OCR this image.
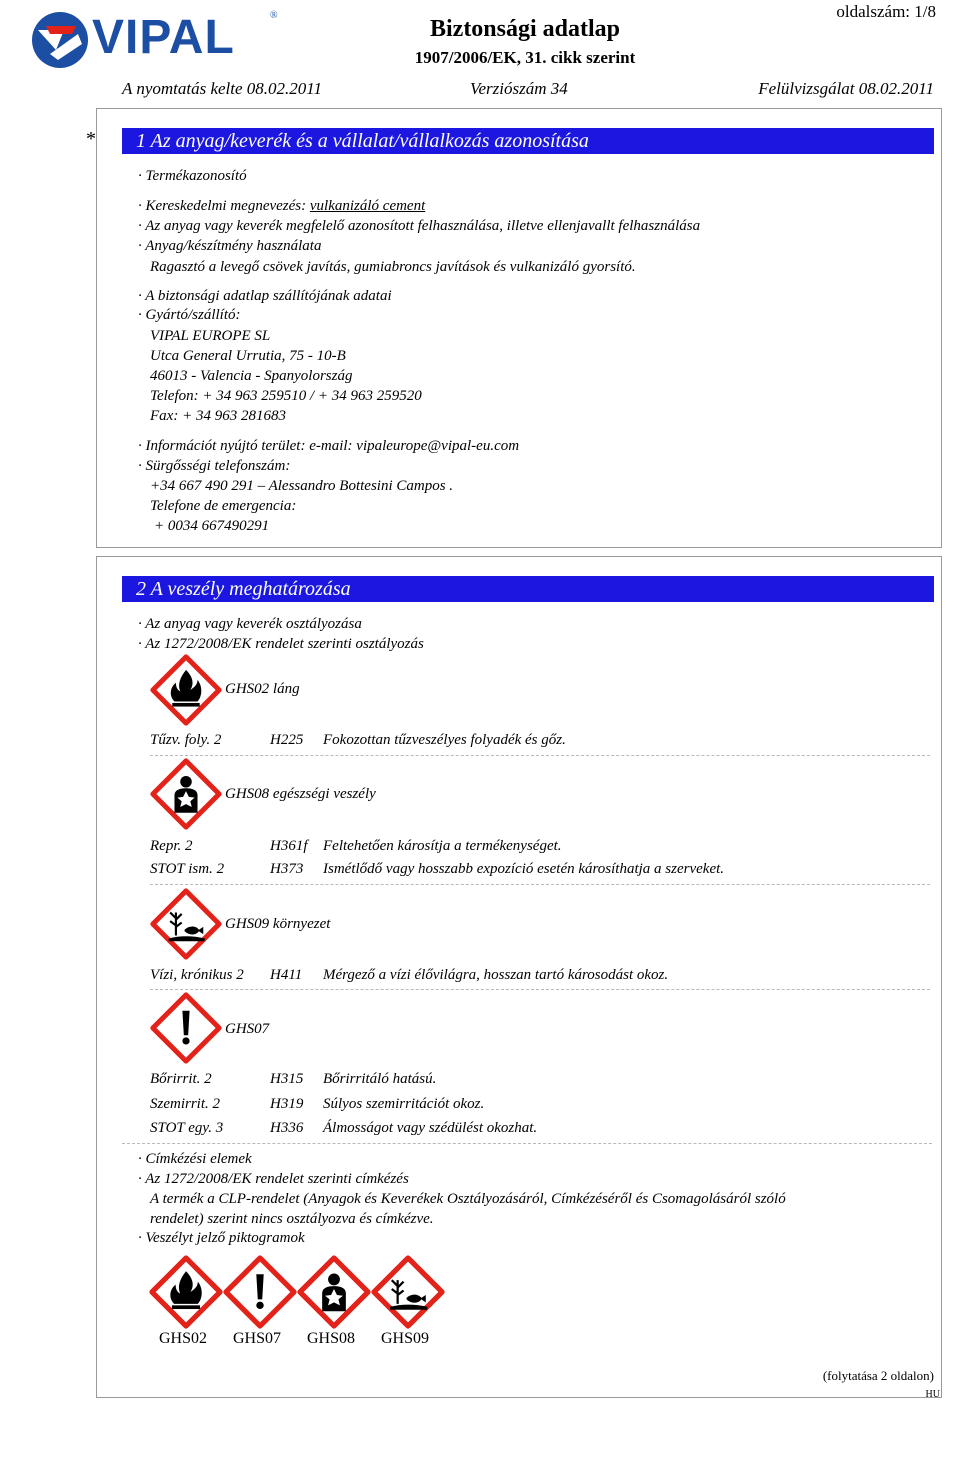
VIPAL	®
Biztonsági adatlap
1907/2006/EK, 31. cikk szerint
oldalszám: 1/8
A nyomtatás kelte 08.02.2011	Verziószám 34	Felülvizsgálat 08.02.2011
*	1 Az anyag/keverék és a vállalat/vállalkozás azonosítása
· Termékazonosító
· Kereskedelmi megnevezés: vulkanizáló cement
· Az anyag vagy keverék megfelelő azonosított felhasználása, illetve ellenjavallt felhasználása
· Anyag/készítmény használata
Ragasztó a levegő csövek javítás, gumiabroncs javítások és vulkanizáló gyorsító.
· A biztonsági adatlap szállítójának adatai
· Gyártó/szállító:
VIPAL EUROPE SL
Utca General Urrutia, 75 - 10-B
46013 - Valencia - Spanyolország
Telefon: + 34 963 259510 / + 34 963 259520
Fax: + 34 963 281683
· Információt nyújtó terület: e-mail: vipaleurope@vipal-eu.com
· Sürgősségi telefonszám:
+34 667 490 291 – Alessandro Bottesini Campos .
Telefone de emergencia:
+ 0034 667490291
2 A veszély meghatározása
· Az anyag vagy keverék osztályozása
· Az 1272/2008/EK rendelet szerinti osztályozás
GHS02 láng
Tűzv. foly. 2	H225 Fokozottan tűzveszélyes folyadék és gőz.
GHS08 egészségi veszély
Repr. 2	H361f Feltehetően károsítja a termékenységet.
STOT ism. 2	H373 Ismétlődő vagy hosszabb expozíció esetén károsíthatja a szerveket.
GHS09 környezet
Vízi, krónikus 2 H411 Mérgező a vízi élővilágra, hosszan tartó károsodást okoz.
GHS07
Bőrirrit. 2	H315 Bőrirritáló hatású.
Szemirrit. 2	H319 Súlyos szemirritációt okoz.
STOT egy. 3	H336 Álmosságot vagy szédülést okozhat.
· Címkézési elemek
· Az 1272/2008/EK rendelet szerinti címkézés
A termék a CLP-rendelet (Anyagok és Keverékek Osztályozásáról, Címkézéséről és Csomagolásáról szóló
rendelet) szerint nincs osztályozva és címkézve.
· Veszélyt jelző piktogramok
GHS02 GHS07 GHS08 GHS09
(folytatása 2 oldalon)
HU
